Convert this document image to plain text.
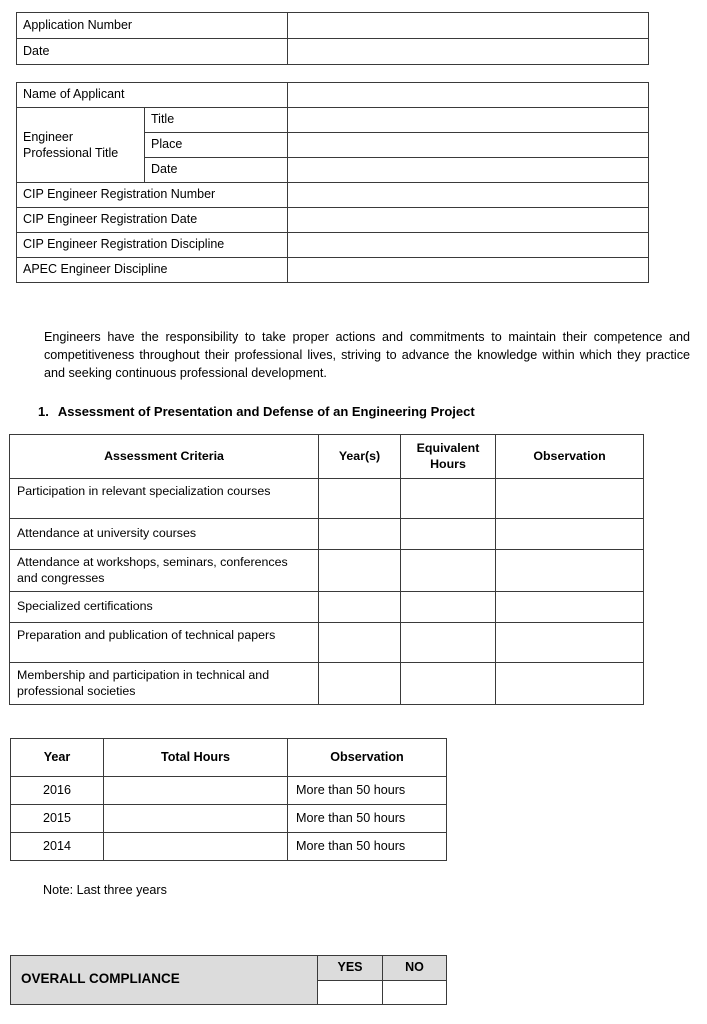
Application Number	
Date	
Name of Applicant		
Engineer Professional Title	Title	
	Place	
	Date	
CIP Engineer Registration Number		
CIP Engineer Registration Date		
CIP Engineer Registration Discipline		
APEC Engineer Discipline		

Engineers have the responsibility to take proper actions and commitments to maintain their competence and competitiveness throughout their professional lives, striving to advance the knowledge within which they practice and seeking continuous professional development.

1. Assessment of Presentation and Defense of an Engineering Project
Assessment Criteria	Year(s)	Equivalent Hours	Observation
Participation in relevant specialization courses			
Attendance at university courses			
Attendance at workshops, seminars, conferences and congresses			
Specialized certifications			
Preparation and publication of technical papers			
Membership and participation in technical and professional societies			
Year	Total Hours	Observation
2016		More than 50 hours
2015		More than 50 hours
2014		More than 50 hours
Note: Last three years
OVERALL COMPLIANCE	YES	NO
